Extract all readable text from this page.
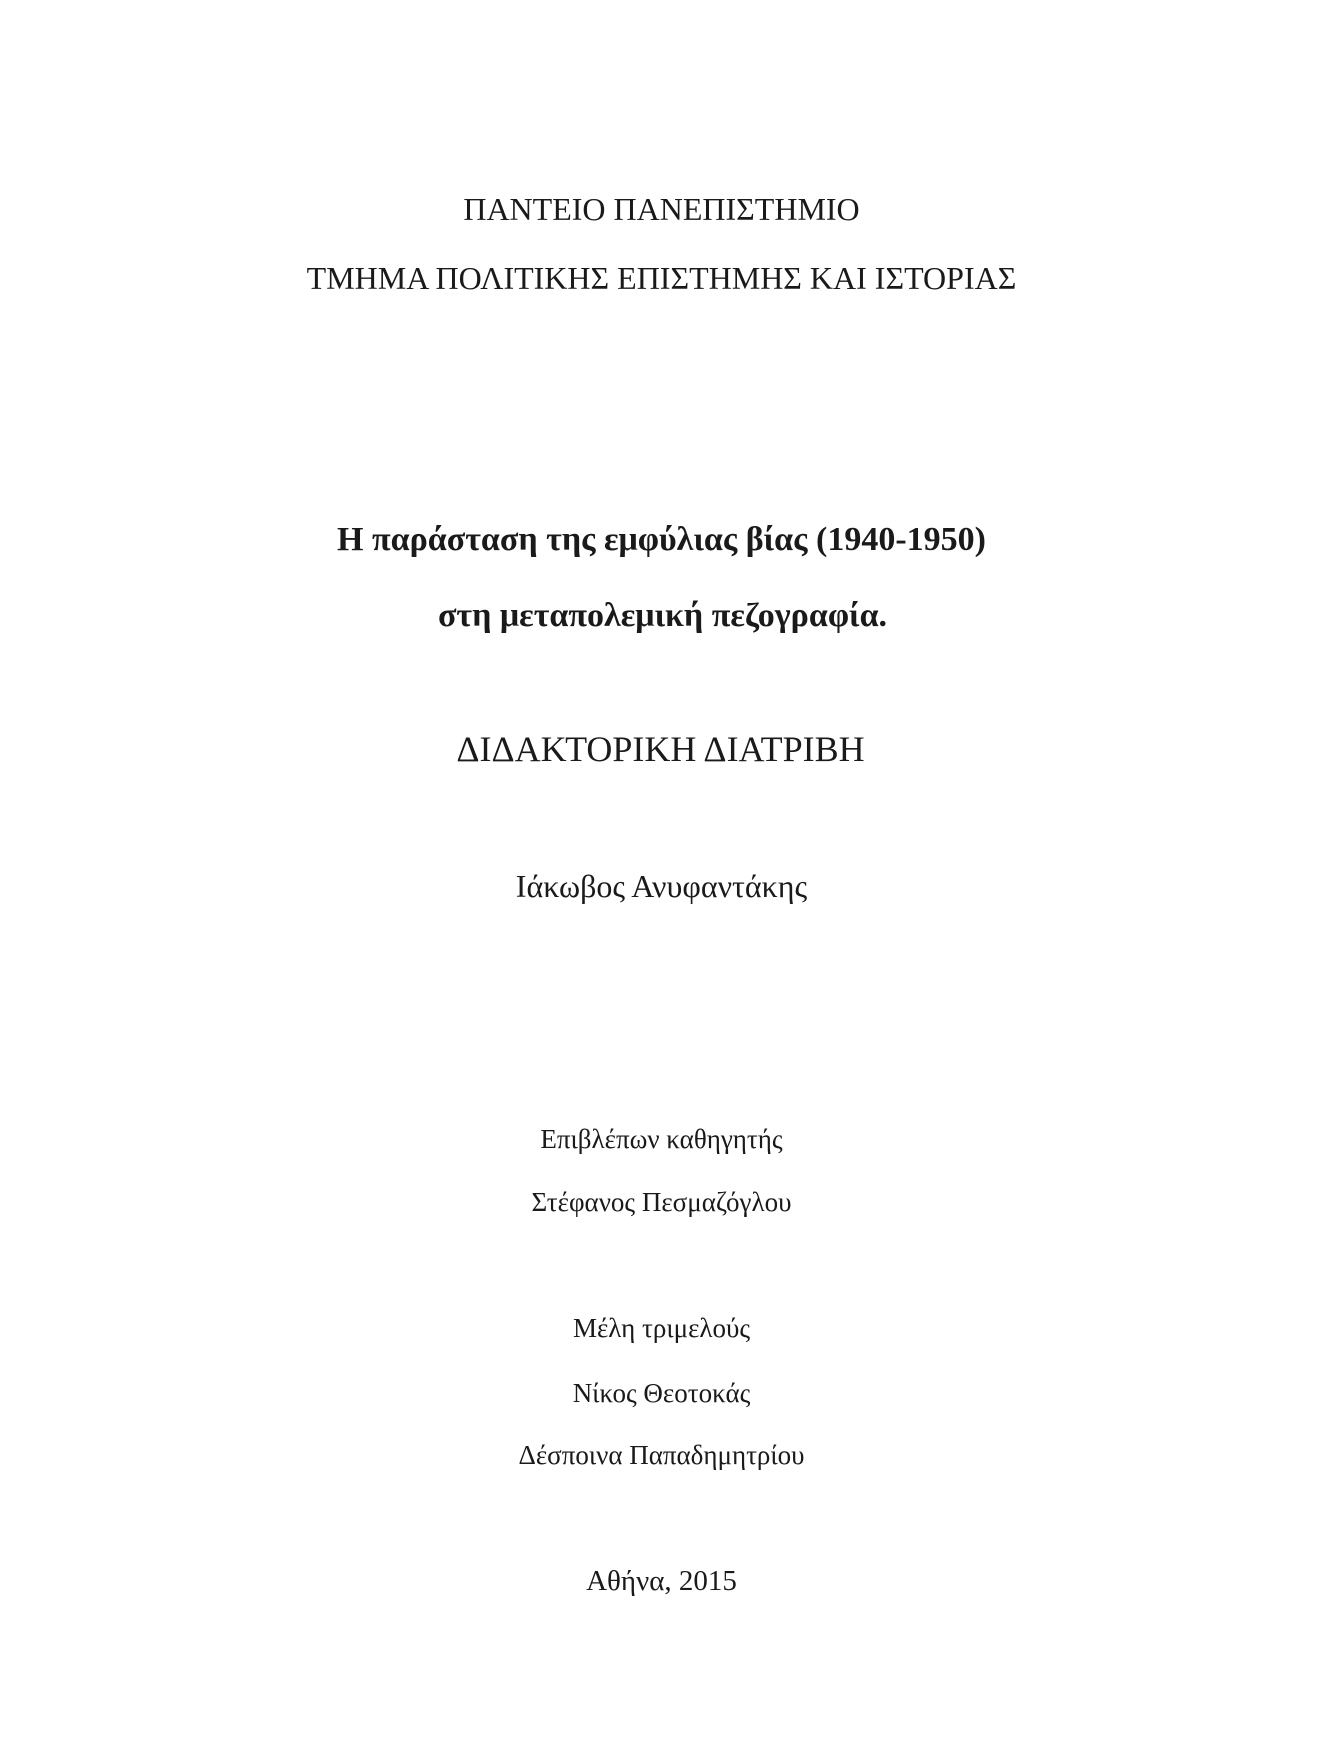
ΠΑΝΤΕΙΟ ΠΑΝΕΠΙΣΤΗΜΙΟ
ΤΜΗΜΑ ΠΟΛΙΤΙΚΗΣ ΕΠΙΣΤΗΜΗΣ ΚΑΙ ΙΣΤΟΡΙΑΣ
Η παράσταση της εμφύλιας βίας (1940-1950)
στη μεταπολεμική πεζογραφία.
ΔΙΔΑΚΤΟΡΙΚΗ ΔΙΑΤΡΙΒΗ
Ιάκωβος Ανυφαντάκης
Επιβλέπων καθηγητής
Στέφανος Πεσμαζόγλου
Μέλη τριμελούς
Νίκος Θεοτοκάς
Δέσποινα Παπαδημητρίου
Αθήνα, 2015
